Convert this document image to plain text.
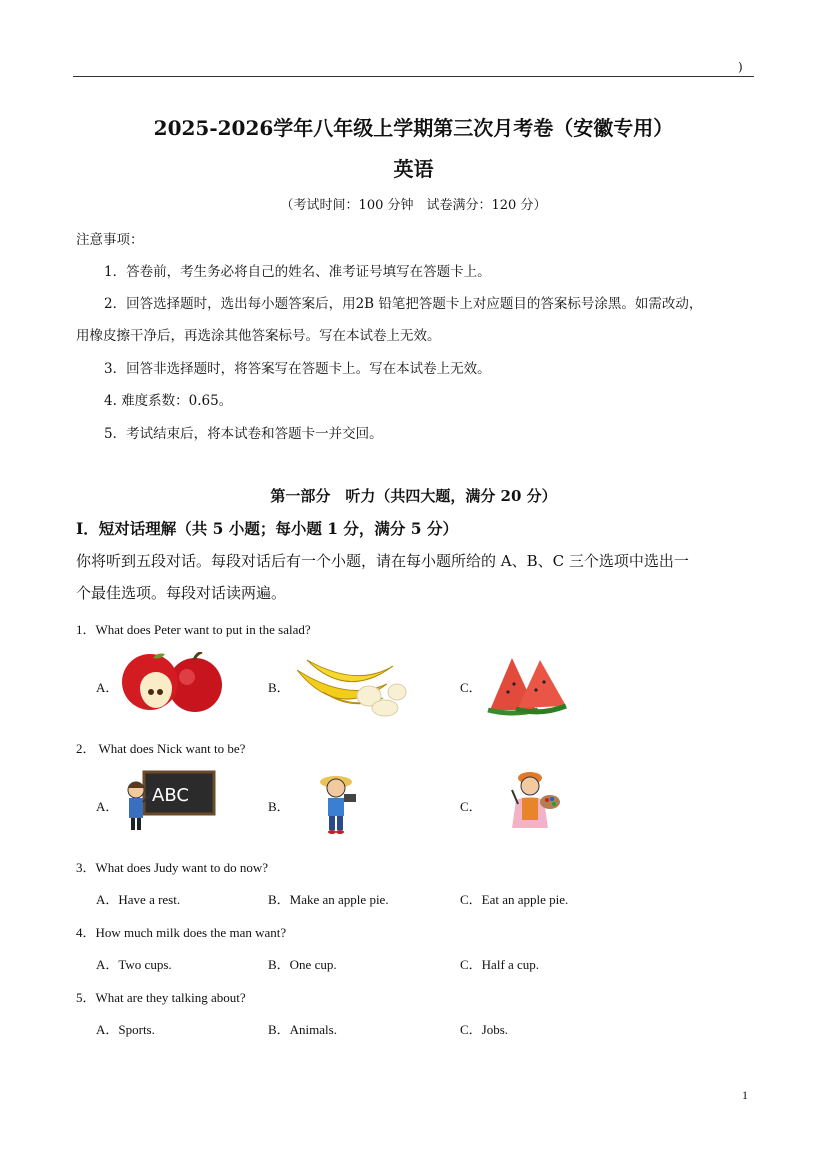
)
2025-2026学年八年级上学期第三次月考卷（安徽专用）
英语
（考试时间：100 分钟　试卷满分：120 分）
注意事项：
1．答卷前，考生务必将自己的姓名、准考证号填写在答题卡上。
2．回答选择题时，选出每小题答案后，用2B 铅笔把答题卡上对应题目的答案标号涂黑。如需改动，
用橡皮擦干净后，再选涂其他答案标号。写在本试卷上无效。
3．回答非选择题时，将答案写在答题卡上。写在本试卷上无效。
4. 难度系数：0.65。
5．考试结束后，将本试卷和答题卡一并交回。
第一部分　听力（共四大题，满分 20 分）
I．短对话理解（共 5 小题；每小题 1 分，满分 5 分）
你将听到五段对话。每段对话后有一个小题，请在每小题所给的 A、B、C 三个选项中选出一
个最佳选项。每段对话读两遍。
1．What does Peter want to put in the salad?
A．	B．	C．
2． What does Nick want to be?
A．	B．	C．
ABC
3．What does Judy want to do now?
A．Have a rest.	B．Make an apple pie.	C．Eat an apple pie.
4．How much milk does the man want?
A．Two cups.	B．One cup.	C．Half a cup.
5．What are they talking about?
A．Sports.	B．Animals.	C．Jobs.
1
